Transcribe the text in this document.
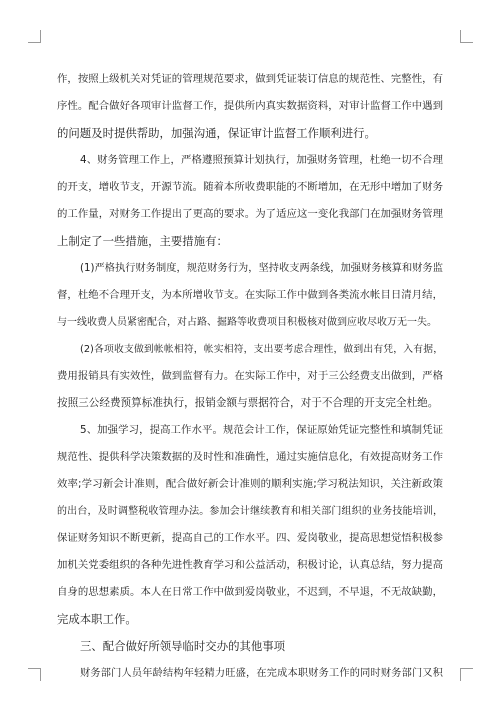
作，按照上级机关对凭证的管理规范要求，做到凭证装订信息的规范性、完整性，有
序性。配合做好各项审计监督工作，提供所内真实数据资料，对审计监督工作中遇到
的问题及时提供帮助，加强沟通，保证审计监督工作顺利进行。
4、财务管理工作上，严格遵照预算计划执行，加强财务管理，杜绝一切不合理
的开支，增收节支，开源节流。随着本所收费职能的不断增加，在无形中增加了财务
的工作量，对财务工作提出了更高的要求。为了适应这一变化我部门在加强财务管理
上制定了一些措施，主要措施有：
(1)严格执行财务制度，规范财务行为，坚持收支两条线，加强财务核算和财务监
督，杜绝不合理开支，为本所增收节支。在实际工作中做到各类流水帐目日清月结，
与一线收费人员紧密配合，对占路、掘路等收费项目积极核对做到应收尽收万无一失。
(2)各项收支做到帐帐相符，帐实相符，支出要考虑合理性，做到出有凭，入有据，
费用报销具有实效性，做到监督有力。在实际工作中，对于三公经费支出做到，严格
按照三公经费预算标准执行，报销金额与票据符合，对于不合理的开支完全杜绝。
5、加强学习，提高工作水平。规范会计工作，保证原始凭证完整性和填制凭证
规范性、提供科学决策数据的及时性和准确性，通过实施信息化，有效提高财务工作
效率;学习新会计准则，配合做好新会计准则的顺利实施;学习税法知识，关注新政策
的出台，及时调整税收管理办法。参加会计继续教育和相关部门组织的业务技能培训，
保证财务知识不断更新，提高自己的工作水平。四、爱岗敬业，提高思想觉悟积极参
加机关党委组织的各种先进性教育学习和公益活动，积极讨论，认真总结，努力提高
自身的思想素质。本人在日常工作中做到爱岗敬业，不迟到，不早退，不无故缺勤，
完成本职工作。
三、配合做好所领导临时交办的其他事项
财务部门人员年龄结构年轻精力旺盛，在完成本职财务工作的同时财务部门又积
